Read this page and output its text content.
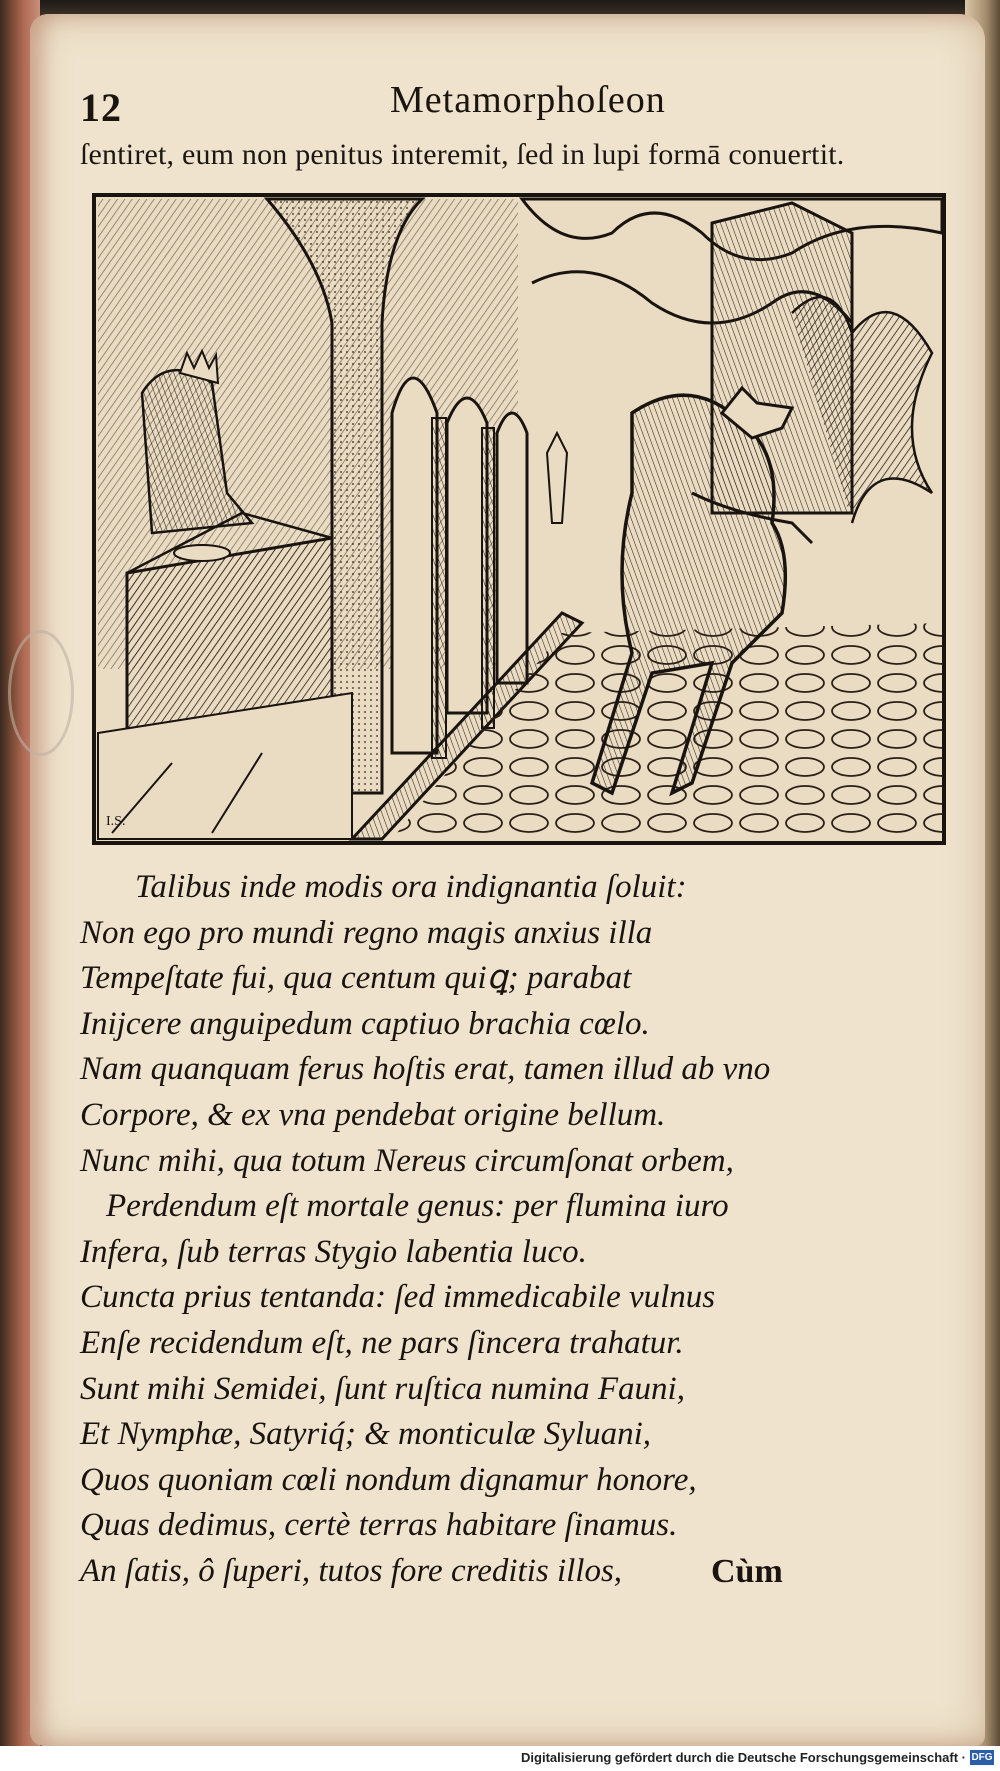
12	Metamorphoſeon
ſentiret, eum non penitus interemit, ſed in lupi formā conuertit.
I.S.
Talibus inde modis ora indignantia ſoluit:
Non ego pro mundi regno magis anxius illa
Tempeſtate fui, qua centum quiꝗ; parabat
Inijcere anguipedum captiuo brachia cœlo.
Nam quanquam ferus hoſtis erat, tamen illud ab vno
Corpore, & ex vna pendebat origine bellum.
Nunc mihi, qua totum Nereus circumſonat orbem,
Perdendum eſt mortale genus: per flumina iuro
Infera, ſub terras Stygio labentia luco.
Cuncta prius tentanda: ſed immedicabile vulnus
Enſe recidendum eſt, ne pars ſincera trahatur.
Sunt mihi Semidei, ſunt ruſtica numina Fauni,
Et Nymphæ, Satyriq́; & monticulæ Syluani,
Quos quoniam cœli nondum dignamur honore,
Quas dedimus, certè terras habitare ſinamus.
An ſatis, ô ſuperi, tutos fore creditis illos,	Cùm
Digitalisierung gefördert durch die Deutsche Forschungsgemeinschaft · DFG
